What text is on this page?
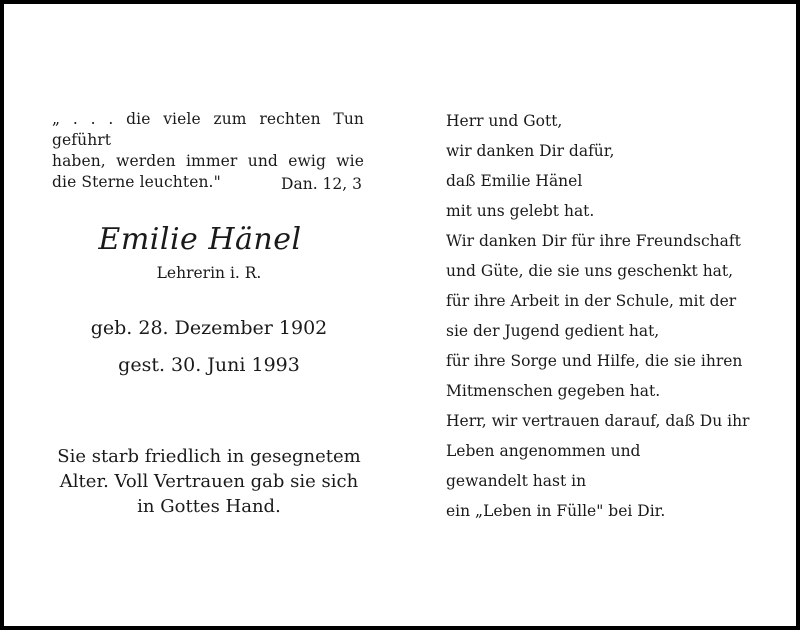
„ . . . die viele zum rechten Tun geführt
haben, werden immer und ewig wie
die Sterne leuchten."	Dan. 12, 3
Emilie Hänel
Lehrerin i. R.
geb. 28. Dezember 1902
gest. 30. Juni 1993
Sie starb friedlich in gesegnetem
Alter. Voll Vertrauen gab sie sich
in Gottes Hand.
Herr und Gott,
wir danken Dir dafür,
daß Emilie Hänel
mit uns gelebt hat.
Wir danken Dir für ihre Freundschaft
und Güte, die sie uns geschenkt hat,
für ihre Arbeit in der Schule, mit der
sie der Jugend gedient hat,
für ihre Sorge und Hilfe, die sie ihren
Mitmenschen gegeben hat.
Herr, wir vertrauen darauf, daß Du ihr
Leben angenommen und
gewandelt hast in
ein „Leben in Fülle" bei Dir.
